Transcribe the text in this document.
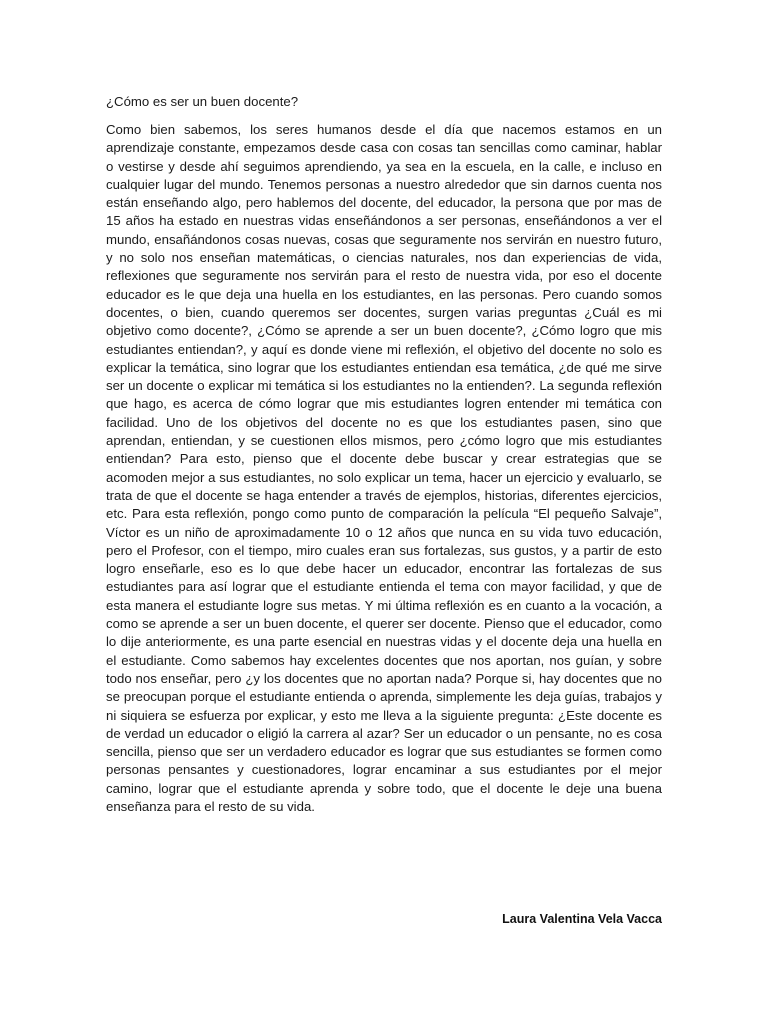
¿Cómo es ser un buen docente?

Como bien sabemos, los seres humanos desde el día que nacemos estamos en un aprendizaje constante, empezamos desde casa con cosas tan sencillas como caminar, hablar o vestirse y desde ahí seguimos aprendiendo, ya sea en la escuela, en la calle, e incluso en cualquier lugar del mundo. Tenemos personas a nuestro alrededor que sin darnos cuenta nos están enseñando algo, pero hablemos del docente, del educador, la persona que por mas de 15 años ha estado en nuestras vidas enseñándonos a ser personas, enseñándonos a ver el mundo, ensañándonos cosas nuevas, cosas que seguramente nos servirán en nuestro futuro, y no solo nos enseñan matemáticas, o ciencias naturales, nos dan experiencias de vida, reflexiones que seguramente nos servirán para el resto de nuestra vida, por eso el docente educador es le que deja una huella en los estudiantes, en las personas. Pero cuando somos docentes, o bien, cuando queremos ser docentes, surgen varias preguntas ¿Cuál es mi objetivo como docente?, ¿Cómo se aprende a ser un buen docente?, ¿Cómo logro que mis estudiantes entiendan?, y aquí es donde viene mi reflexión, el objetivo del docente no solo es explicar la temática, sino lograr que los estudiantes entiendan esa temática, ¿de qué me sirve ser un docente o explicar mi temática si los estudiantes no la entienden?. La segunda reflexión que hago, es acerca de cómo lograr que mis estudiantes logren entender mi temática con facilidad. Uno de los objetivos del docente no es que los estudiantes pasen, sino que aprendan, entiendan, y se cuestionen ellos mismos, pero ¿cómo logro que mis estudiantes entiendan? Para esto, pienso que el docente debe buscar y crear estrategias que se acomoden mejor a sus estudiantes, no solo explicar un tema, hacer un ejercicio y evaluarlo, se trata de que el docente se haga entender a través de ejemplos, historias, diferentes ejercicios, etc. Para esta reflexión, pongo como punto de comparación la película “El pequeño Salvaje”, Víctor es un niño de aproximadamente 10 o 12 años que nunca en su vida tuvo educación, pero el Profesor, con el tiempo, miro cuales eran sus fortalezas, sus gustos, y a partir de esto logro enseñarle, eso es lo que debe hacer un educador, encontrar las fortalezas de sus estudiantes para así lograr que el estudiante entienda el tema con mayor facilidad, y que de esta manera el estudiante logre sus metas. Y mi última reflexión es en cuanto a la vocación, a como se aprende a ser un buen docente, el querer ser docente. Pienso que el educador, como lo dije anteriormente, es una parte esencial en nuestras vidas y el docente deja una huella en el estudiante. Como sabemos hay excelentes docentes que nos aportan, nos guían, y sobre todo nos enseñar, pero ¿y los docentes que no aportan nada? Porque si, hay docentes que no se preocupan porque el estudiante entienda o aprenda, simplemente les deja guías, trabajos y ni siquiera se esfuerza por explicar, y esto me lleva a la siguiente pregunta: ¿Este docente es de verdad un educador o eligió la carrera al azar? Ser un educador o un pensante, no es cosa sencilla, pienso que ser un verdadero educador es lograr que sus estudiantes se formen como personas pensantes y cuestionadores, lograr encaminar a sus estudiantes por el mejor camino, lograr que el estudiante aprenda y sobre todo, que el docente le deje una buena enseñanza para el resto de su vida.

Laura Valentina Vela Vacca
